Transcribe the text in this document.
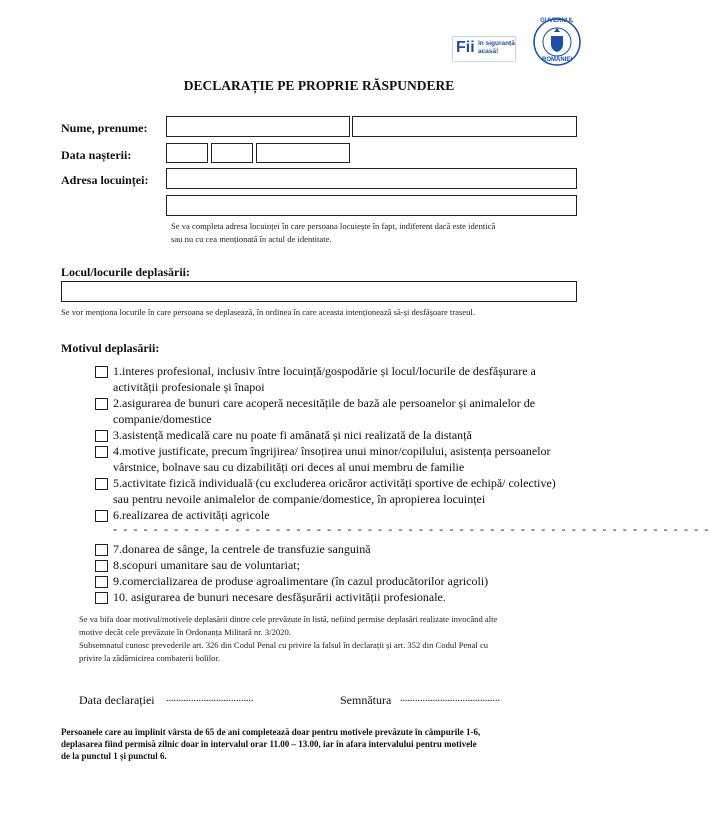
Fii în siguranță acasă!
GUVERNUL
ROMÂNIEI
DECLARAȚIE PE PROPRIE RĂSPUNDERE
Nume, prenume:
Data nașterii:
Adresa locuinței:
Se va completa adresa locuinței în care persoana locuiește în fapt, indiferent dacă este identică
sau nu cu cea menționată în actul de identitate.
Locul/locurile deplasării:
Se vor menționa locurile în care persoana se deplasează, în ordinea în care aceasta intenționează să-și desfășoare traseul.
Motivul deplasării:
1.interes profesional, inclusiv între locuință/gospodărie și locul/locurile de desfășurare a
activității profesionale și înapoi
2.asigurarea de bunuri care acoperă necesitățile de bază ale persoanelor și animalelor de
companie/domestice
3.asistență medicală care nu poate fi amânată și nici realizată de la distanță
4.motive justificate, precum îngrijirea/ însoțirea unui minor/copilului, asistența persoanelor
vârstnice, bolnave sau cu dizabilități ori deces al unui membru de familie
5.activitate fizică individuală (cu excluderea oricăror activități sportive de echipă/ colective)
sau pentru nevoile animalelor de companie/domestice, în apropierea locuinței
6.realizarea de activități agricole
- - - - - - - - - - - - - - - - - - - - - - - - - - - - - - - - - - - - - - - - - - - - - - - - - - - - - - - - - - -
7.donarea de sânge, la centrele de transfuzie sanguină
8.scopuri umanitare sau de voluntariat;
9.comercializarea de produse agroalimentare (în cazul producătorilor agricoli)
10. asigurarea de bunuri necesare desfășurării activității profesionale.
Se va bifa doar motivul/motivele deplasării dintre cele prevăzute în listă, nefiind permise deplasări realizate invocând alte
motive decât cele prevăzute în Ordonanța Militară nr. 3/2020.
Subsemnatul cunosc prevederile art. 326 din Codul Penal cu privire la falsul în declarații și art. 352 din Codul Penal cu
privire la zădărnicirea combaterii bolilor.
Data declarației ...................................	Semnătura ........................................
Persoanele care au împlinit vârsta de 65 de ani completează doar pentru motivele prevăzute în câmpurile 1-6,
deplasarea fiind permisă zilnic doar în intervalul orar 11.00 – 13.00, iar în afara intervalului pentru motivele
de la punctul 1 și punctul 6.
